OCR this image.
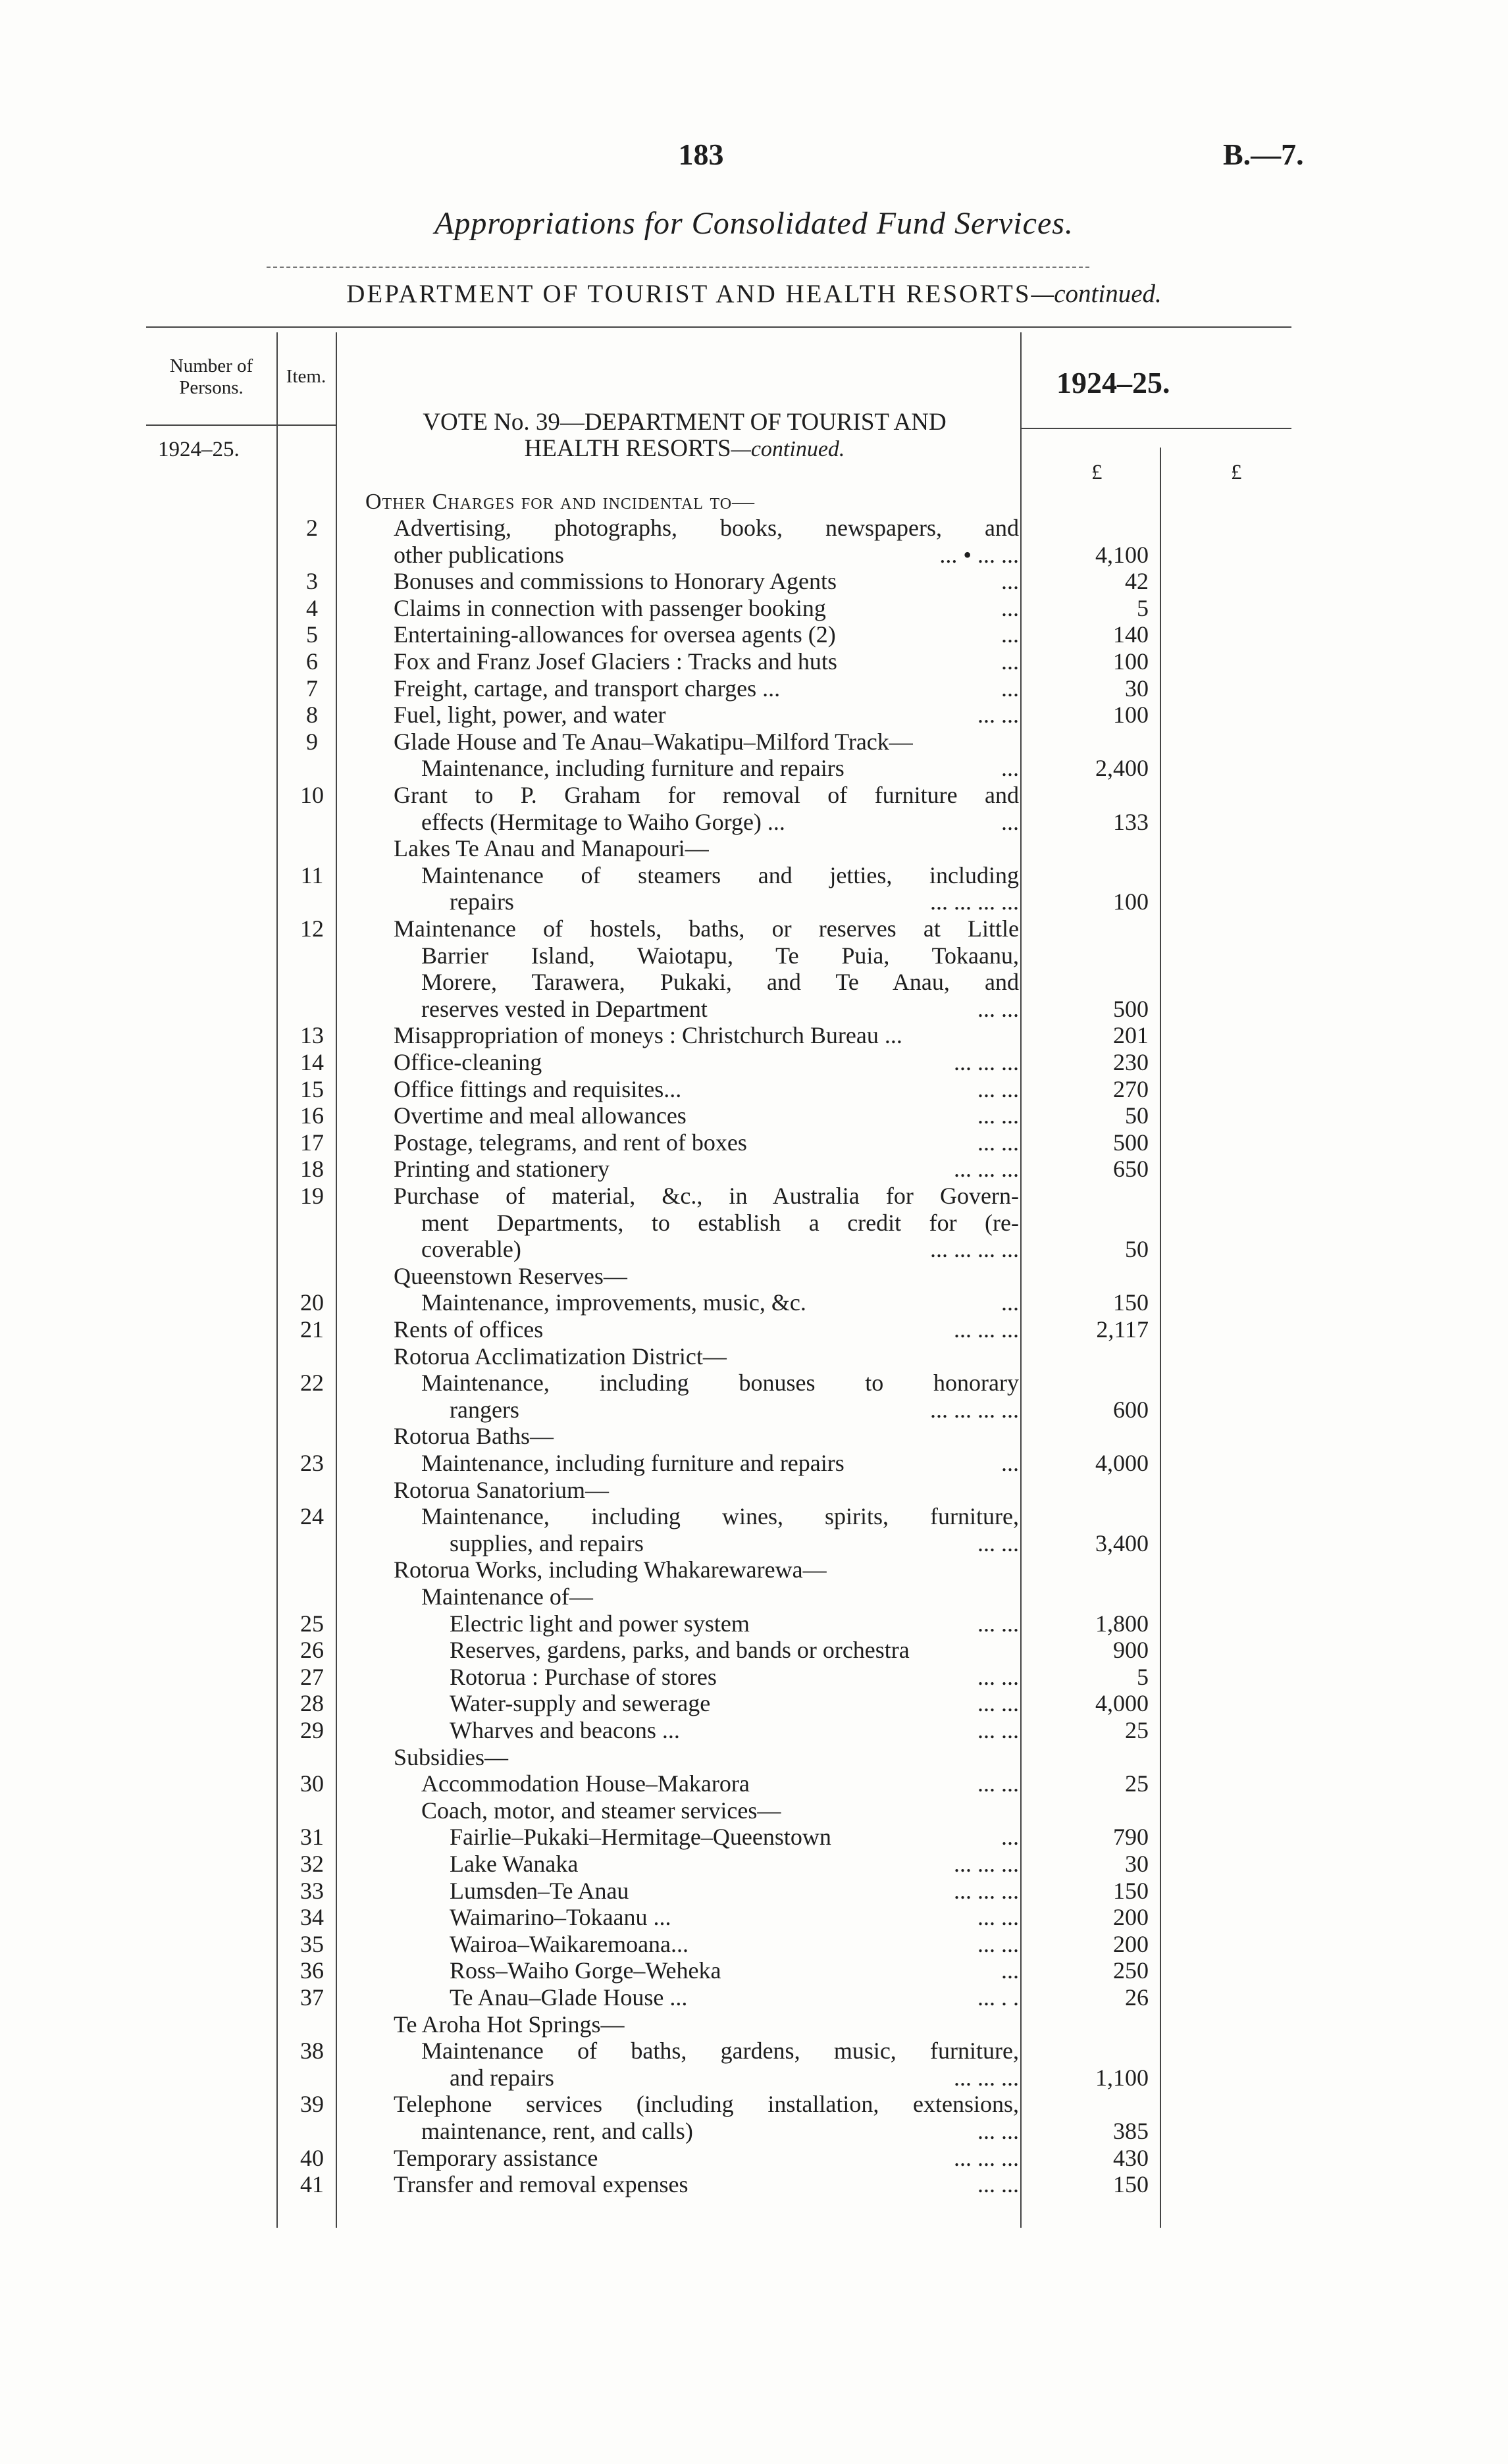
183	B.—7.
Appropriations for Consolidated Fund Services.
DEPARTMENT OF TOURIST AND HEALTH RESORTS—continued.
Number of Persons.
Item.
1924–25.
1924–25.
£	£
VOTE No. 39—DEPARTMENT OF TOURIST AND
HEALTH RESORTS—continued.
Other Charges for and incidental to—
2	Advertising, photographs, books, newspapers, and
other publications	... • ... ...	4,100
3	Bonuses and commissions to Honorary Agents	...	42
4	Claims in connection with passenger booking	...	5
5	Entertaining-allowances for oversea agents (2)	...	140
6	Fox and Franz Josef Glaciers : Tracks and huts	...	100
7	Freight, cartage, and transport charges ...	...	30
8	Fuel, light, power, and water	... ...	100
9	Glade House and Te Anau–Wakatipu–Milford Track—
Maintenance, including furniture and repairs	...	2,400
10	Grant to P. Graham for removal of furniture and
effects (Hermitage to Waiho Gorge) ...	...	133
Lakes Te Anau and Manapouri—
11	Maintenance of steamers and jetties, including
repairs	... ... ... ...	100
12	Maintenance of hostels, baths, or reserves at Little
Barrier Island, Waiotapu, Te Puia, Tokaanu,
Morere, Tarawera, Pukaki, and Te Anau, and
reserves vested in Department	... ...	500
13	Misappropriation of moneys : Christchurch Bureau ...	201
14	Office-cleaning	... ... ...	230
15	Office fittings and requisites...	... ...	270
16	Overtime and meal allowances	... ...	50
17	Postage, telegrams, and rent of boxes	... ...	500
18	Printing and stationery	... ... ...	650
19	Purchase of material, &c., in Australia for Govern-
ment Departments, to establish a credit for (re-
coverable)	... ... ... ...	50
Queenstown Reserves—
20	Maintenance, improvements, music, &c.	...	150
21	Rents of offices	... ... ...	2,117
Rotorua Acclimatization District—
22	Maintenance, including bonuses to honorary
rangers	... ... ... ...	600
Rotorua Baths—
23	Maintenance, including furniture and repairs	...	4,000
Rotorua Sanatorium—
24	Maintenance, including wines, spirits, furniture,
supplies, and repairs	... ...	3,400
Rotorua Works, including Whakarewarewa—
Maintenance of—
25	Electric light and power system	... ...	1,800
26	Reserves, gardens, parks, and bands or orchestra	900
27	Rotorua : Purchase of stores	... ...	5
28	Water-supply and sewerage	... ...	4,000
29	Wharves and beacons ...	... ...	25
Subsidies—
30	Accommodation House–Makarora	... ...	25
Coach, motor, and steamer services—
31	Fairlie–Pukaki–Hermitage–Queenstown	...	790
32	Lake Wanaka	... ... ...	30
33	Lumsden–Te Anau	... ... ...	150
34	Waimarino–Tokaanu ...	... ...	200
35	Wairoa–Waikaremoana...	... ...	200
36	Ross–Waiho Gorge–Weheka	...	250
37	Te Anau–Glade House ...	... . .	26
Te Aroha Hot Springs—
38	Maintenance of baths, gardens, music, furniture,
and repairs	... ... ...	1,100
39	Telephone services (including installation, extensions,
maintenance, rent, and calls)	... ...	385
40	Temporary assistance	... ... ...	430
41	Transfer and removal expenses	... ...	150
